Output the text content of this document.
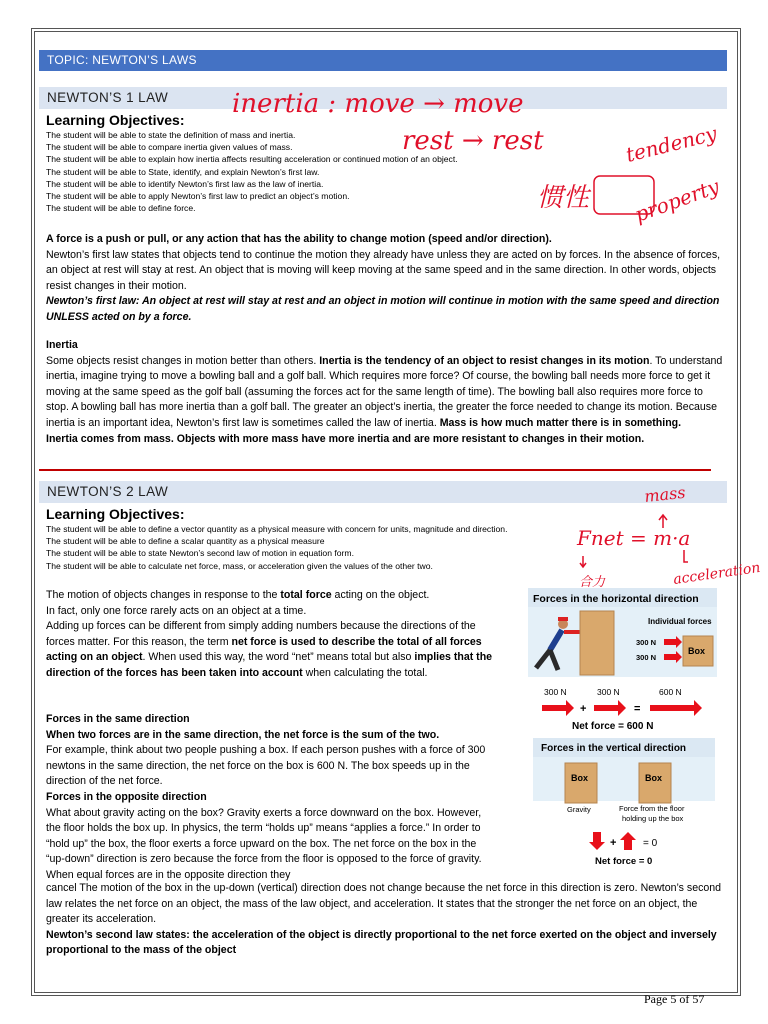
TOPIC: NEWTON’S LAWS
NEWTON’S 1 LAW
Learning Objectives:
The student will be able to state the definition of mass and inertia.
The student will be able to compare inertia given values of mass.
The student will be able to explain how inertia affects resulting acceleration or continued motion of an object.
The student will be able to State, identify, and explain Newton’s first law.
The student will be able to identify Newton’s first law as the law of inertia.
The student will be able to apply Newton’s first law to predict an object’s motion.
The student will be able to define force.
A force is a push or pull, or any action that has the ability to change motion (speed and/or direction).
Newton’s first law states that objects tend to continue the motion they already have unless they are acted on by forces. In the absence of forces, an object at rest will stay at rest. An object that is moving will keep moving at the same speed and in the same direction. In other words, objects resist changes in their motion.
Newton’s first law: An object at rest will stay at rest and an object in motion will continue in motion with the same speed and direction UNLESS acted on by a force.
Inertia
Some objects resist changes in motion better than others. Inertia is the tendency of an object to resist changes in its motion. To understand inertia, imagine trying to move a bowling ball and a golf ball. Which requires more force? Of course, the bowling ball needs more force to get it moving at the same speed as the golf ball (assuming the forces act for the same length of time). The bowling ball also requires more force to stop. A bowling ball has more inertia than a golf ball. The greater an object’s inertia, the greater the force needed to change its motion. Because inertia is an important idea, Newton’s first law is sometimes called the law of inertia. Mass is how much matter there is in something.
Inertia comes from mass. Objects with more mass have more inertia and are more resistant to changes in their motion.
NEWTON’S 2 LAW
Learning Objectives:
The student will be able to define a vector quantity as a physical measure with concern for units, magnitude and direction.
The student will be able to define a scalar quantity as a physical measure
The student will be able to state Newton’s second law of motion in equation form.
The student will be able to calculate net force, mass, or acceleration given the values of the other two.
The motion of objects changes in response to the total force acting on the object.
In fact, only one force rarely acts on an object at a time.
Adding up forces can be different from simply adding numbers because the directions of the forces matter. For this reason, the term net force is used to describe the total of all forces acting on an object. When used this way, the word “net” means total but also implies that the direction of the forces has been taken into account when calculating the total.
Forces in the same direction
When two forces are in the same direction, the net force is the sum of the two.
For example, think about two people pushing a box. If each person pushes with a force of 300 newtons in the same direction, the net force on the box is 600 N. The box speeds up in the direction of the net force.
Forces in the opposite direction
What about gravity acting on the box? Gravity exerts a force downward on the box. However, the floor holds the box up. In physics, the term “holds up” means “applies a force.” In order to “hold up” the box, the floor exerts a force upward on the box. The net force on the box in the “up-down” direction is zero because the force from the floor is opposed to the force of gravity. When equal forces are in the opposite direction they
cancel The motion of the box in the up-down (vertical) direction does not change because the net force in this direction is zero. Newton’s second law relates the net force on an object, the mass of the law object, and acceleration. It states that the stronger the net force on an object, the greater its acceleration.
Newton’s second law states: the acceleration of the object is directly proportional to the net force exerted on the object and inversely proportional to the mass of the object
Forces in the horizontal direction
Individual forces
300 N
300 N
Box
300 N	300 N	600 N
+	=
Net force = 600 N
Forces in the vertical direction
Box	Box
Gravity	Force from the floor
holding up the box
+	= 0
Net force = 0
inertia : move → move
rest → rest	tendency
惯性 property
mass
Fnet = m·a
合力	acceleration
Page 5 of 57
